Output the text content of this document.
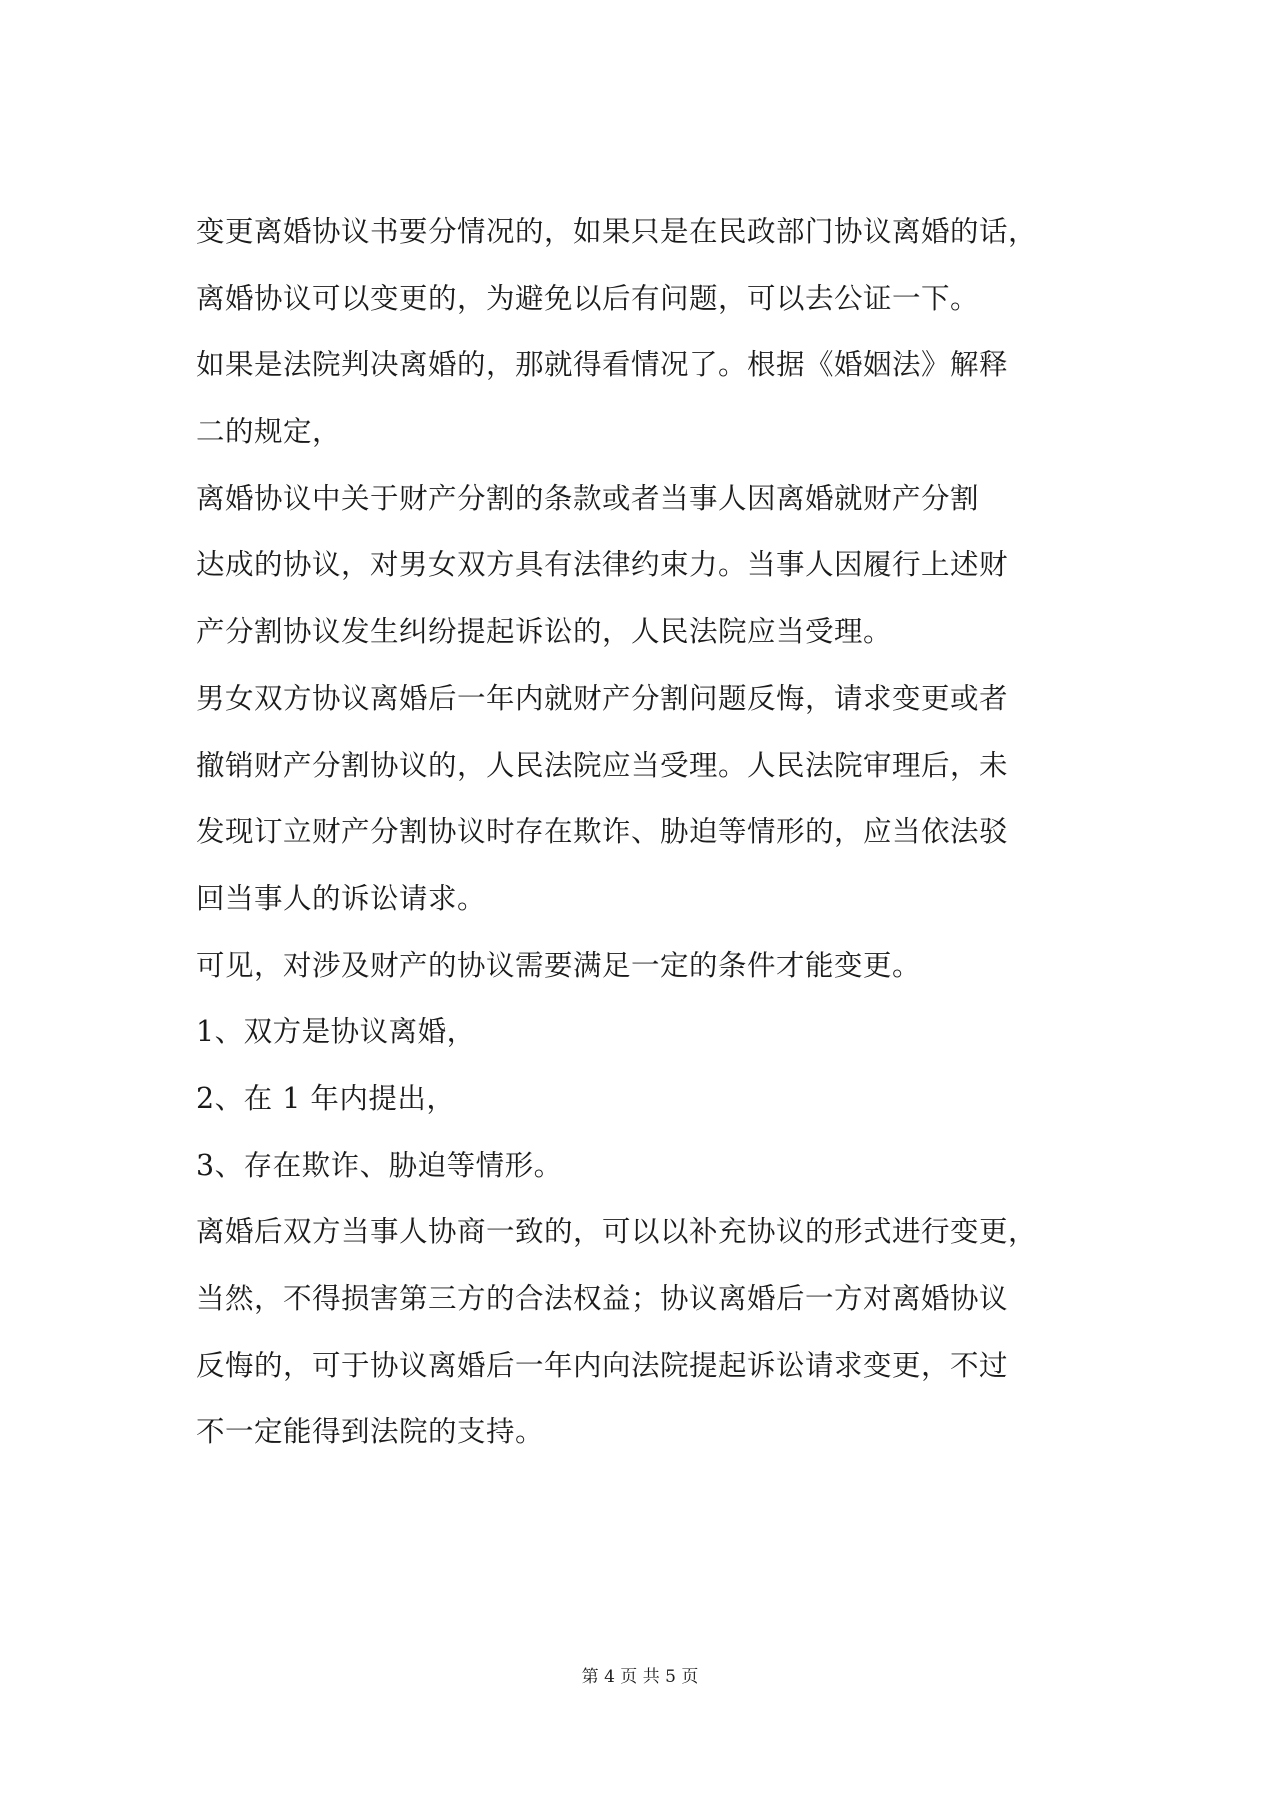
变更离婚协议书要分情况的，如果只是在民政部门协议离婚的话，
离婚协议可以变更的，为避免以后有问题，可以去公证一下。
如果是法院判决离婚的，那就得看情况了。根据《婚姻法》解释
二的规定，
离婚协议中关于财产分割的条款或者当事人因离婚就财产分割
达成的协议，对男女双方具有法律约束力。当事人因履行上述财
产分割协议发生纠纷提起诉讼的，人民法院应当受理。
男女双方协议离婚后一年内就财产分割问题反悔，请求变更或者
撤销财产分割协议的，人民法院应当受理。人民法院审理后，未
发现订立财产分割协议时存在欺诈、胁迫等情形的，应当依法驳
回当事人的诉讼请求。
可见，对涉及财产的协议需要满足一定的条件才能变更。
1、双方是协议离婚，
2、在 1 年内提出，
3、存在欺诈、胁迫等情形。
离婚后双方当事人协商一致的，可以以补充协议的形式进行变更，
当然，不得损害第三方的合法权益；协议离婚后一方对离婚协议
反悔的，可于协议离婚后一年内向法院提起诉讼请求变更，不过
不一定能得到法院的支持。
第 4 页 共 5 页
